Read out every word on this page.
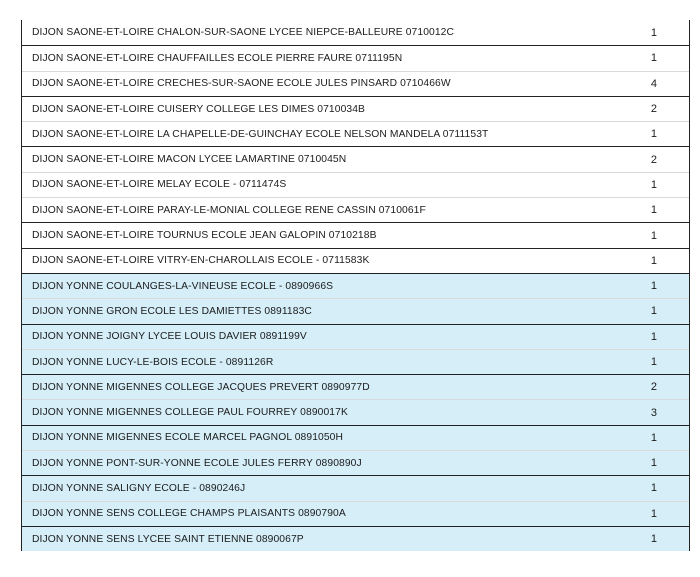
DIJON SAONE-ET-LOIRE CHALON-SUR-SAONE LYCEE NIEPCE-BALLEURE 0710012C	1
DIJON SAONE-ET-LOIRE CHAUFFAILLES ECOLE PIERRE FAURE 0711195N	1
DIJON SAONE-ET-LOIRE CRECHES-SUR-SAONE ECOLE JULES PINSARD 0710466W	4
DIJON SAONE-ET-LOIRE CUISERY COLLEGE LES DIMES 0710034B	2
DIJON SAONE-ET-LOIRE LA CHAPELLE-DE-GUINCHAY ECOLE NELSON MANDELA 0711153T	1
DIJON SAONE-ET-LOIRE MACON LYCEE LAMARTINE 0710045N	2
DIJON SAONE-ET-LOIRE MELAY ECOLE - 0711474S	1
DIJON SAONE-ET-LOIRE PARAY-LE-MONIAL COLLEGE RENE CASSIN 0710061F	1
DIJON SAONE-ET-LOIRE TOURNUS ECOLE JEAN GALOPIN 0710218B	1
DIJON SAONE-ET-LOIRE VITRY-EN-CHAROLLAIS ECOLE - 0711583K	1
DIJON YONNE COULANGES-LA-VINEUSE ECOLE - 0890966S	1
DIJON YONNE GRON ECOLE LES DAMIETTES 0891183C	1
DIJON YONNE JOIGNY LYCEE LOUIS DAVIER 0891199V	1
DIJON YONNE LUCY-LE-BOIS ECOLE - 0891126R	1
DIJON YONNE MIGENNES COLLEGE JACQUES PREVERT 0890977D	2
DIJON YONNE MIGENNES COLLEGE PAUL FOURREY 0890017K	3
DIJON YONNE MIGENNES ECOLE MARCEL PAGNOL 0891050H	1
DIJON YONNE PONT-SUR-YONNE ECOLE JULES FERRY 0890890J	1
DIJON YONNE SALIGNY ECOLE - 0890246J	1
DIJON YONNE SENS COLLEGE CHAMPS PLAISANTS 0890790A	1
DIJON YONNE SENS LYCEE SAINT ETIENNE 0890067P	1
